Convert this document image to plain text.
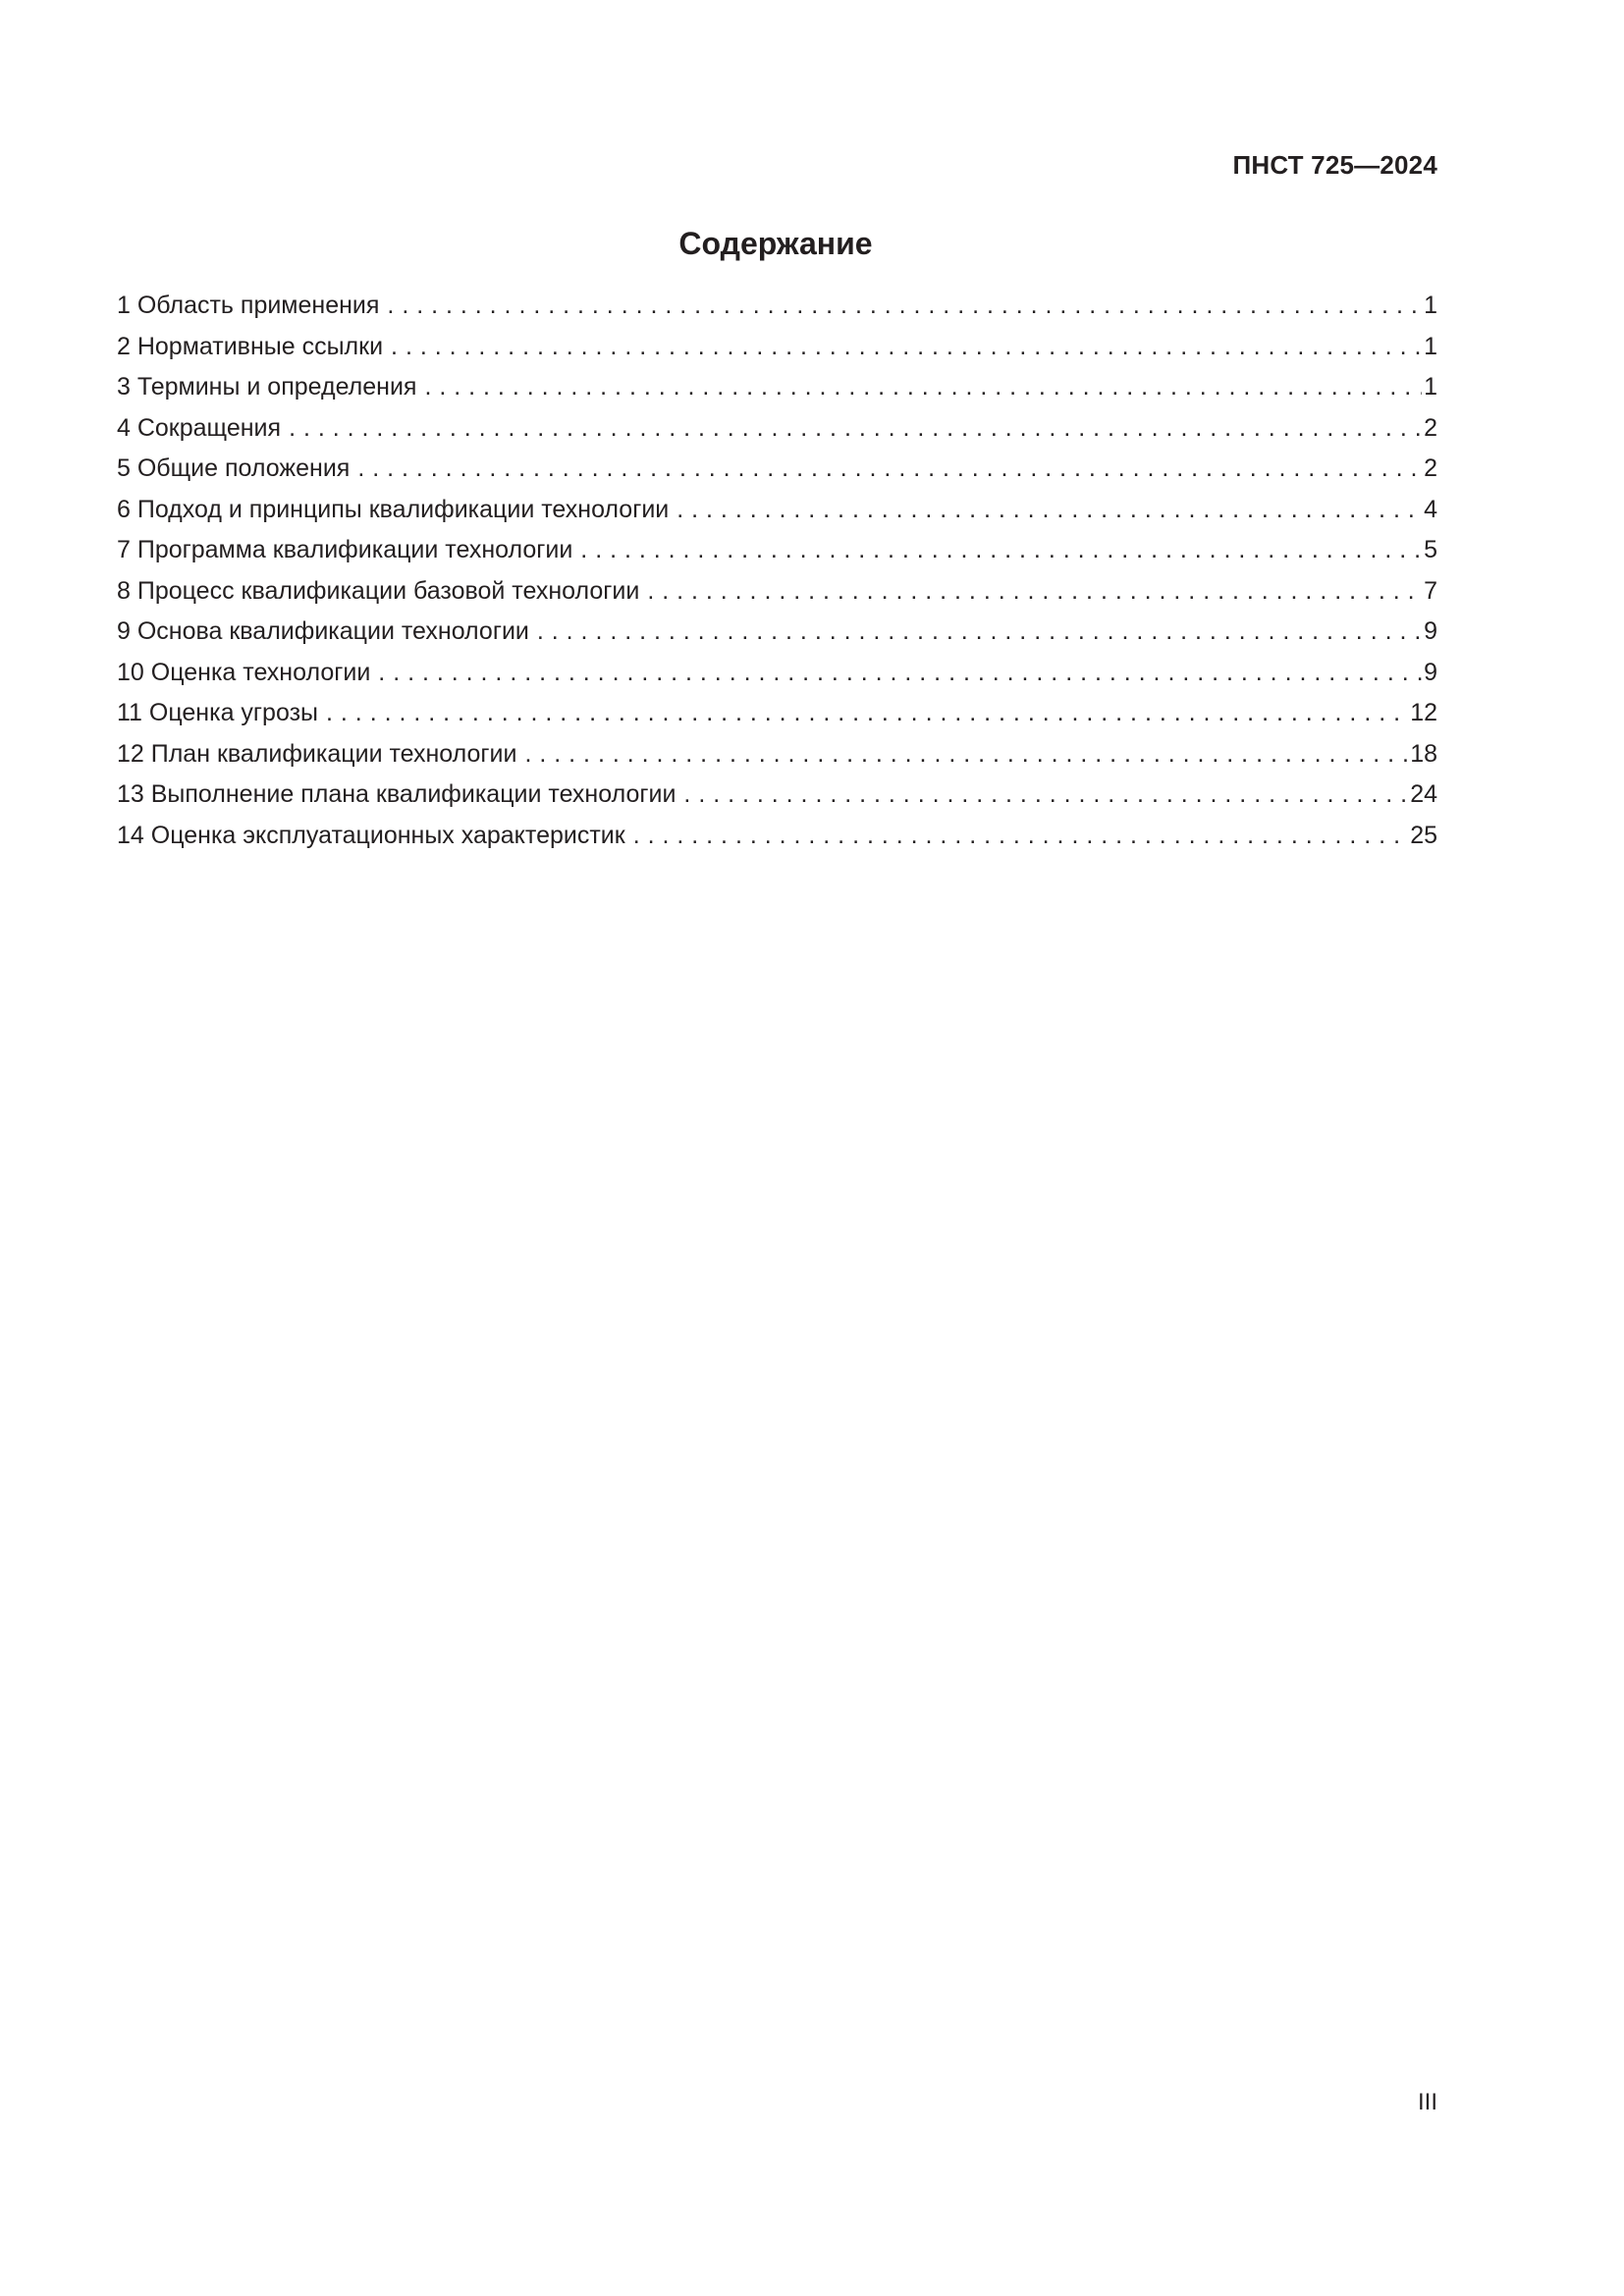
ПНСТ 725—2024
Содержание
1 Область применения . . .	1
2 Нормативные ссылки . . .	1
3 Термины и определения . . .	1
4 Сокращения . . .	2
5 Общие положения . . .	2
6 Подход и принципы квалификации технологии . . .	4
7 Программа квалификации технологии . . .	5
8 Процесс квалификации базовой технологии . . .	7
9 Основа квалификации технологии . . .	9
10 Оценка технологии . . .	9
11 Оценка угрозы . . .	12
12 План квалификации технологии . . .	18
13 Выполнение плана квалификации технологии . . .	24
14 Оценка эксплуатационных характеристик . . .	25
III
